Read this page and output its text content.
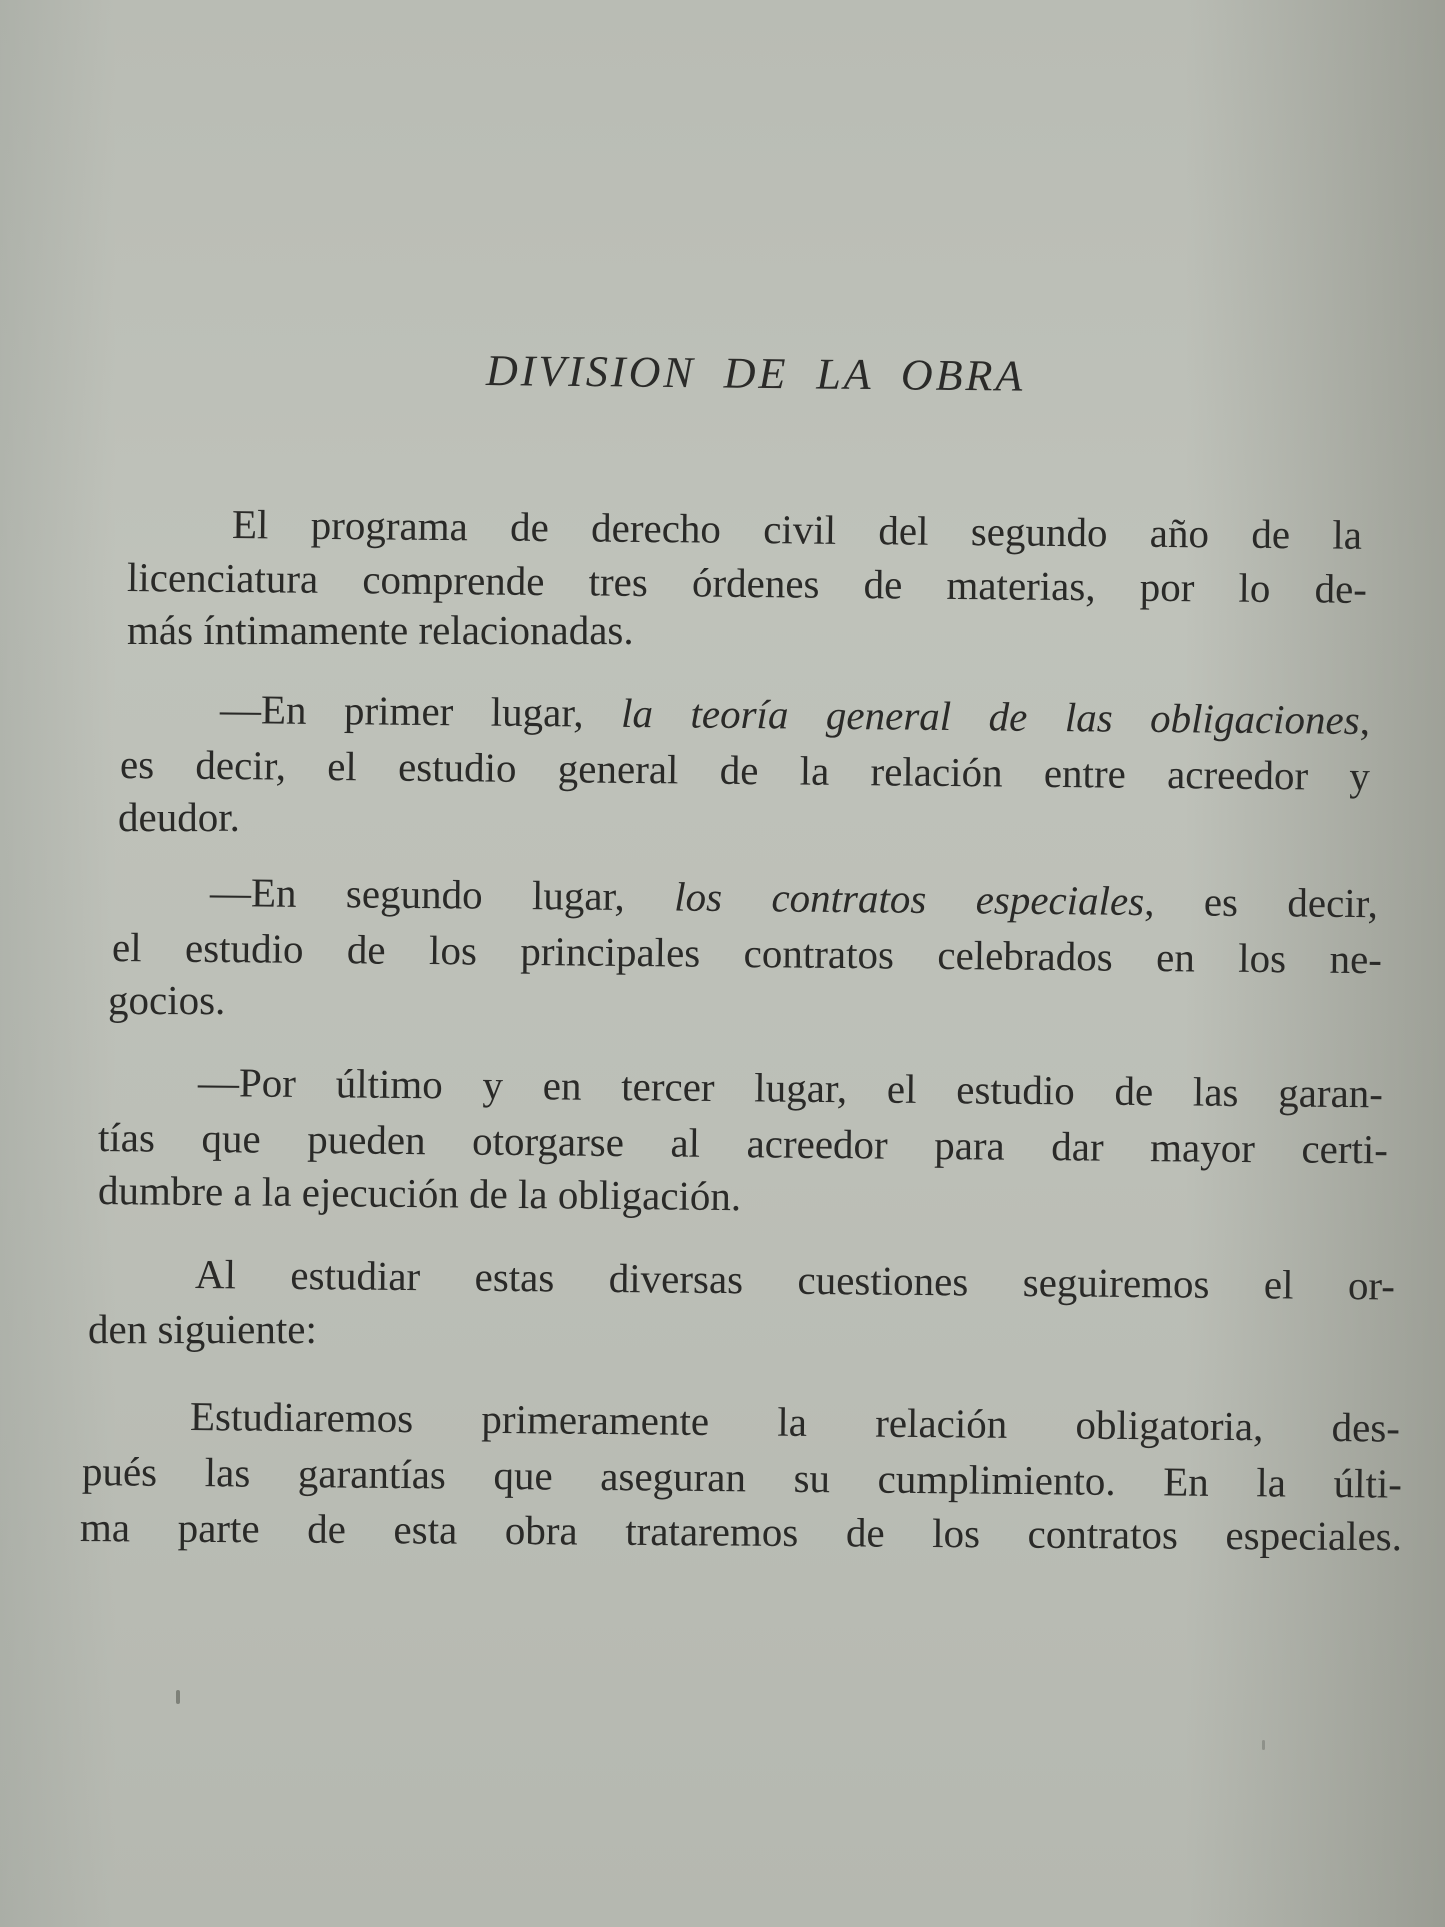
DIVISION DE LA OBRA
El programa de derecho civil del segundo año de la
licenciatura comprende tres órdenes de materias, por lo de-
más íntimamente relacionadas.
—En primer lugar, la teoría general de las obligaciones,
es decir, el estudio general de la relación entre acreedor y
deudor.
—En segundo lugar, los contratos especiales, es decir,
el estudio de los principales contratos celebrados en los ne-
gocios.
—Por último y en tercer lugar, el estudio de las garan-
tías que pueden otorgarse al acreedor para dar mayor certi-
dumbre a la ejecución de la obligación.
Al estudiar estas diversas cuestiones seguiremos el or-
den siguiente:
Estudiaremos primeramente la relación obligatoria, des-
pués las garantías que aseguran su cumplimiento. En la últi-
ma parte de esta obra trataremos de los contratos especiales.
